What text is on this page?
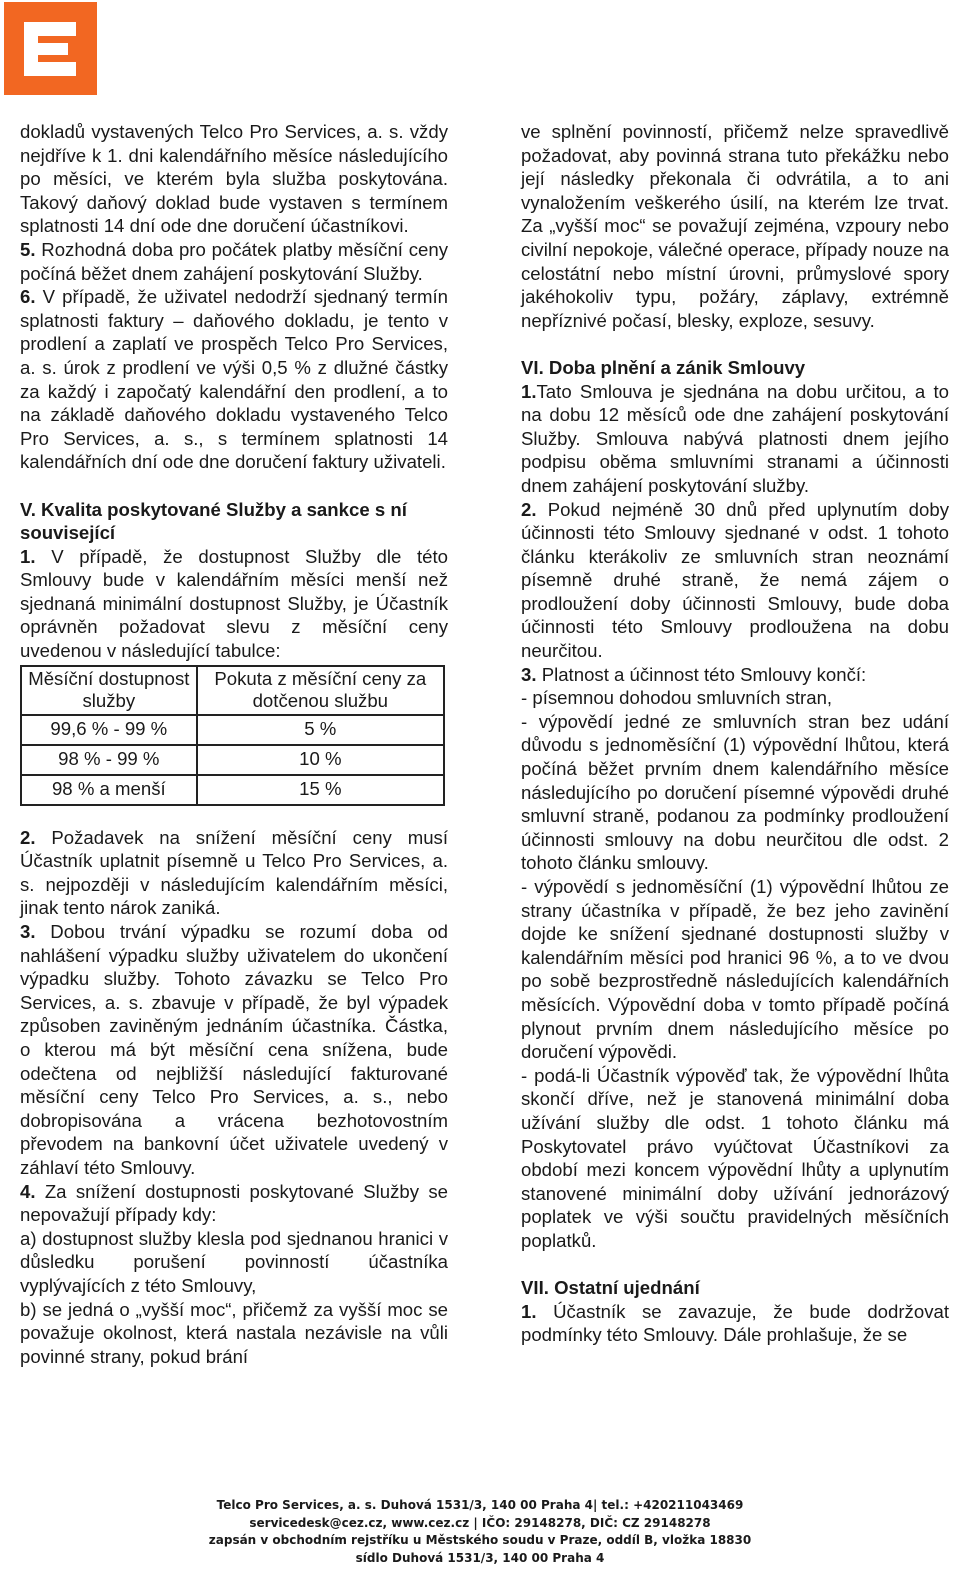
dokladů vystavených Telco Pro Services, a. s. vždy nejdříve k 1. dni kalendářního měsíce následujícího po měsíci, ve kterém byla služba poskytována. Takový daňový doklad bude vystaven s termínem splatnosti 14 dní ode dne doručení účastníkovi.

5. Rozhodná doba pro počátek platby měsíční ceny počíná běžet dnem zahájení poskytování Služby.

6. V případě, že uživatel nedodrží sjednaný termín splatnosti faktury – daňového dokladu, je tento v prodlení a zaplatí ve prospěch Telco Pro Services, a. s. úrok z prodlení ve výši 0,5 % z dlužné částky za každý i započatý kalendářní den prodlení, a to na základě daňového dokladu vystaveného Telco Pro Services, a. s., s termínem splatnosti 14 kalendářních dní ode dne doručení faktury uživateli.

V. Kvalita poskytované Služby a sankce s ní související

1. V případě, že dostupnost Služby dle této Smlouvy bude v kalendářním měsíci menší než sjednaná minimální dostupnost Služby, je Účastník oprávněn požadovat slevu z měsíční ceny uvedenou v následující tabulce:

Měsíční dostupnost služby	Pokuta z měsíční ceny za dotčenou službu
99,6 % - 99 %	5 %
98 % - 99 %	10 %
98 % a menší	15 %

2. Požadavek na snížení měsíční ceny musí Účastník uplatnit písemně u Telco Pro Services, a. s. nejpozději v následujícím kalendářním měsíci, jinak tento nárok zaniká.

3. Dobou trvání výpadku se rozumí doba od nahlášení výpadku služby uživatelem do ukončení výpadku služby. Tohoto závazku se Telco Pro Services, a. s. zbavuje v případě, že byl výpadek způsoben zaviněným jednáním účastníka. Částka, o kterou má být měsíční cena snížena, bude odečtena od nejbližší následující fakturované měsíční ceny Telco Pro Services, a. s., nebo dobropisována a vrácena bezhotovostním převodem na bankovní účet uživatele uvedený v záhlaví této Smlouvy.

4. Za snížení dostupnosti poskytované Služby se nepovažují případy kdy:

a) dostupnost služby klesla pod sjednanou hranici v důsledku porušení povinností účastníka vyplývajících z této Smlouvy,

b) se jedná o „vyšší moc“, přičemž za vyšší moc se považuje okolnost, která nastala nezávisle na vůli povinné strany, pokud brání

ve splnění povinností, přičemž nelze spravedlivě požadovat, aby povinná strana tuto překážku nebo její následky překonala či odvrátila, a to ani vynaložením veškerého úsilí, na kterém lze trvat. Za „vyšší moc“ se považují zejména, vzpoury nebo civilní nepokoje, válečné operace, případy nouze na celostátní nebo místní úrovni, průmyslové spory jakéhokoliv typu, požáry, záplavy, extrémně nepříznivé počasí, blesky, exploze, sesuvy.

VI. Doba plnění a zánik Smlouvy

1.Tato Smlouva je sjednána na dobu určitou, a to na dobu 12 měsíců ode dne zahájení poskytování Služby. Smlouva nabývá platnosti dnem jejího podpisu oběma smluvními stranami a účinnosti dnem zahájení poskytování služby.

2. Pokud nejméně 30 dnů před uplynutím doby účinnosti této Smlouvy sjednané v odst. 1 tohoto článku kterákoliv ze smluvních stran neoznámí písemně druhé straně, že nemá zájem o prodloužení doby účinnosti Smlouvy, bude doba účinnosti této Smlouvy prodloužena na dobu neurčitou.

3. Platnost a účinnost této Smlouvy končí:

- písemnou dohodou smluvních stran,

- výpovědí jedné ze smluvních stran bez udání důvodu s jednoměsíční (1) výpovědní lhůtou, která počíná běžet prvním dnem kalendářního měsíce následujícího po doručení písemné výpovědi druhé smluvní straně, podanou za podmínky prodloužení účinnosti smlouvy na dobu neurčitou dle odst. 2 tohoto článku smlouvy.

- výpovědí s jednoměsíční (1) výpovědní lhůtou ze strany účastníka v případě, že bez jeho zavinění dojde ke snížení sjednané dostupnosti služby v kalendářním měsíci pod hranici 96 %, a to ve dvou po sobě bezprostředně následujících kalendářních měsících. Výpovědní doba v tomto případě počíná plynout prvním dnem následujícího měsíce po doručení výpovědi.

- podá-li Účastník výpověď tak, že výpovědní lhůta skončí dříve, než je stanovená minimální doba užívání služby dle odst. 1 tohoto článku má Poskytovatel právo vyúčtovat Účastníkovi za období mezi koncem výpovědní lhůty a uplynutím stanovené minimální doby užívání jednorázový poplatek ve výši součtu pravidelných měsíčních poplatků.

VII. Ostatní ujednání

1. Účastník se zavazuje, že bude dodržovat podmínky této Smlouvy. Dále prohlašuje, že se

Telco Pro Services, a. s. Duhová 1531/3, 140 00 Praha 4| tel.: +420211043469
servicedesk@cez.cz, www.cez.cz | IČO: 29148278, DIČ: CZ 29148278
zapsán v obchodním rejstříku u Městského soudu v Praze, oddíl B, vložka 18830
sídlo Duhová 1531/3, 140 00 Praha 4
